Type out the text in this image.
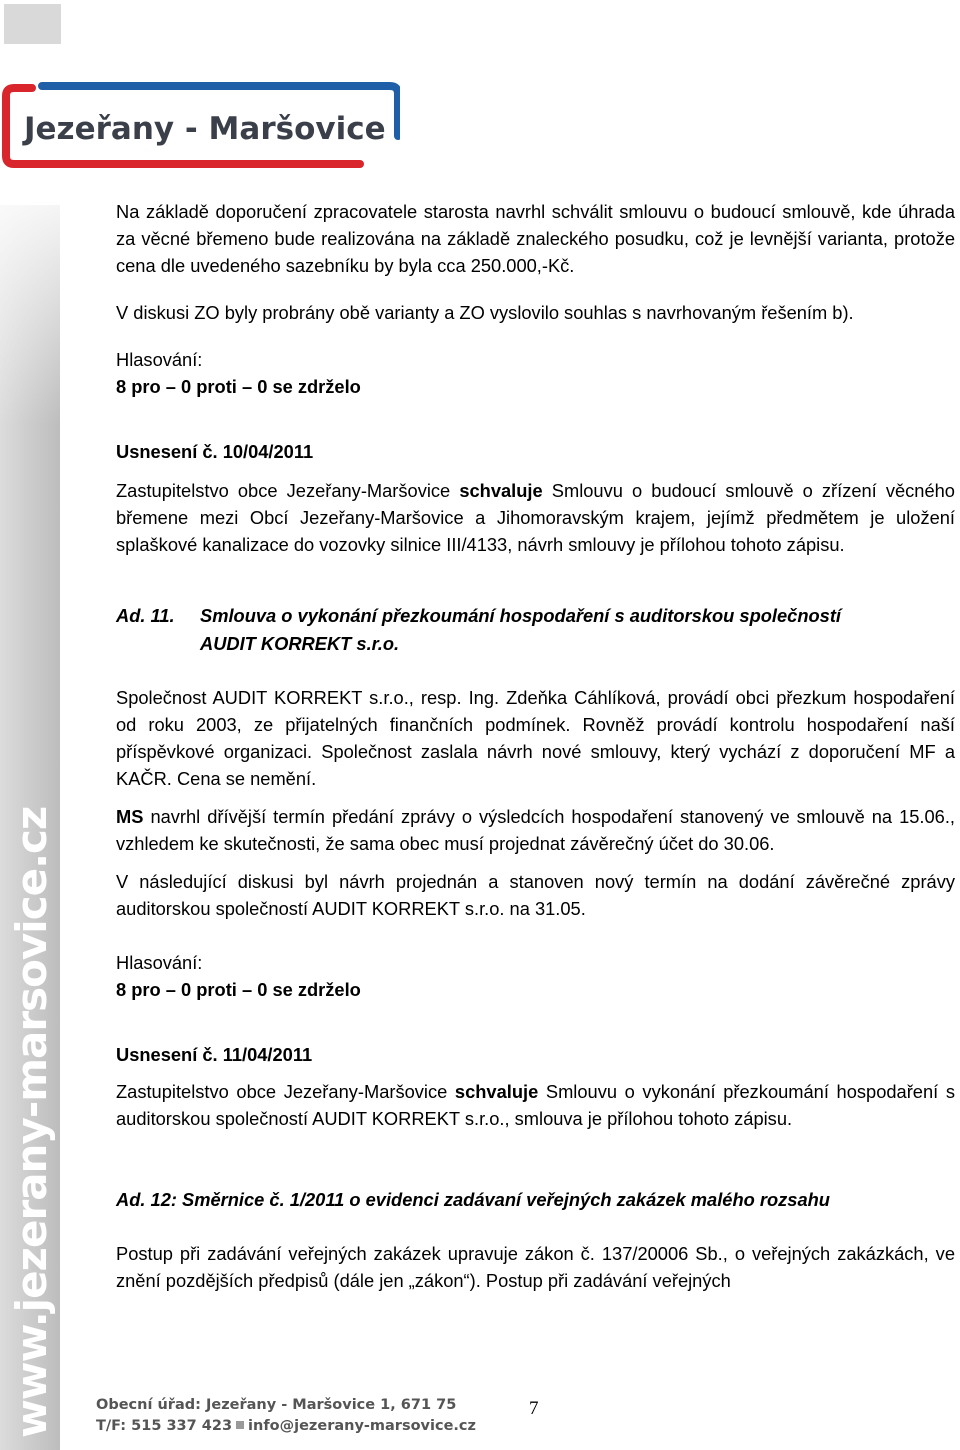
Jezeřany - Maršovice
www.jezerany-marsovice.cz

Na základě doporučení zpracovatele starosta navrhl schválit smlouvu o budoucí smlouvě, kde úhrada za věcné břemeno bude realizována na základě znaleckého posudku, což je levnější varianta, protože cena dle uvedeného sazebníku by byla cca 250.000,-Kč.

V diskusi ZO byly probrány obě varianty a ZO vyslovilo souhlas s navrhovaným řešením b).

Hlasování:

8 pro – 0 proti – 0 se zdrželo

Usnesení č. 10/04/2011

Zastupitelstvo obce Jezeřany-Maršovice schvaluje Smlouvu o budoucí smlouvě o zřízení věcného břemene mezi Obcí Jezeřany-Maršovice a Jihomoravským krajem, jejímž předmětem je uložení splaškové kanalizace do vozovky silnice III/4133, návrh smlouvy je přílohou tohoto zápisu.

Ad. 11. Smlouva o vykonání přezkoumání hospodaření s auditorskou společností
AUDIT KORREKT s.r.o.

Společnost AUDIT KORREKT s.r.o., resp. Ing. Zdeňka Cáhlíková, provádí obci přezkum hospodaření od roku 2003, ze přijatelných finančních podmínek. Rovněž provádí kontrolu hospodaření naší příspěvkové organizaci. Společnost zaslala návrh nové smlouvy, který vychází z doporučení MF a KAČR. Cena se nemění.

MS navrhl dřívější termín předání zprávy o výsledcích hospodaření stanovený ve smlouvě na 15.06., vzhledem ke skutečnosti, že sama obec musí projednat závěrečný účet do 30.06.

V následující diskusi byl návrh projednán a stanoven nový termín na dodání závěrečné zprávy auditorskou společností AUDIT KORREKT s.r.o. na 31.05.

Hlasování:

8 pro – 0 proti – 0 se zdrželo

Usnesení č. 11/04/2011

Zastupitelstvo obce Jezeřany-Maršovice schvaluje Smlouvu o vykonání přezkoumání hospodaření s auditorskou společností AUDIT KORREKT s.r.o., smlouva je přílohou tohoto zápisu.

Ad. 12: Směrnice č. 1/2011 o evidenci zadávaní veřejných zakázek malého rozsahu

Postup při zadávání veřejných zakázek upravuje zákon č. 137/20006 Sb., o veřejných zakázkách, ve znění pozdějších předpisů (dále jen „zákon“). Postup při zadávání veřejných

Obecní úřad: Jezeřany - Maršovice 1, 671 75
T/F: 515 337 423 info@jezerany-marsovice.cz
7
